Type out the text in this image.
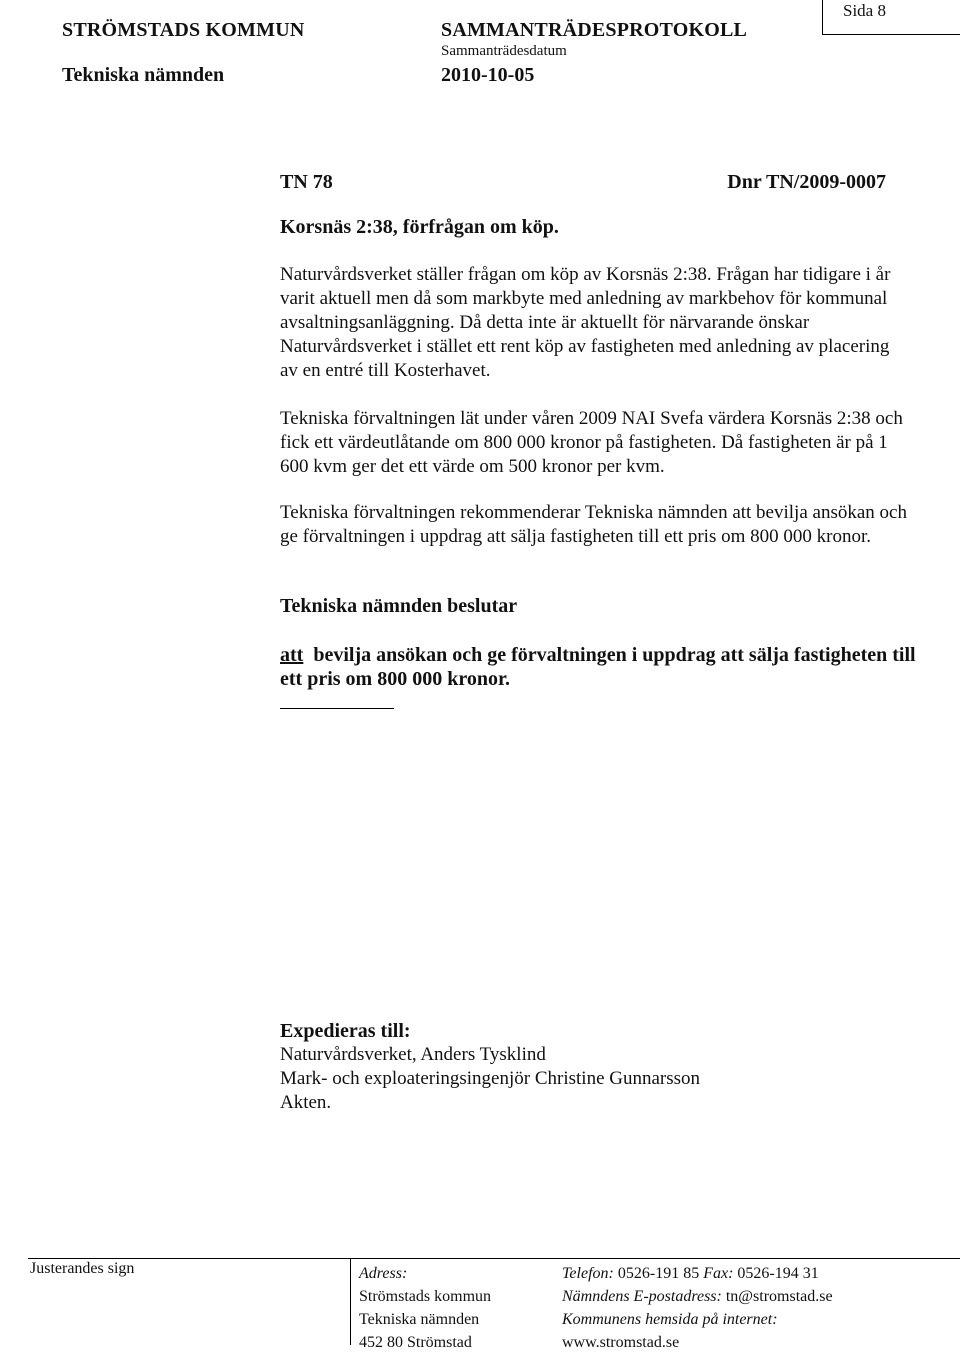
Sida 8
STRÖMSTADS KOMMUN	SAMMANTRÄDESPROTOKOLL
Sammanträdesdatum
Tekniska nämnden	2010-10-05
TN 78	Dnr TN/2009-0007
Korsnäs 2:38, förfrågan om köp.
Naturvårdsverket ställer frågan om köp av Korsnäs 2:38. Frågan har tidigare i år varit aktuell men då som markbyte med anledning av markbehov för kommunal avsaltningsanläggning. Då detta inte är aktuellt för närvarande önskar Naturvårdsverket i stället ett rent köp av fastigheten med anledning av placering av en entré till Kosterhavet.
Tekniska förvaltningen lät under våren 2009 NAI Svefa värdera Korsnäs 2:38 och fick ett värdeutlåtande om 800 000 kronor på fastigheten. Då fastigheten är på 1 600 kvm ger det ett värde om 500 kronor per kvm.
Tekniska förvaltningen rekommenderar Tekniska nämnden att bevilja ansökan och ge förvaltningen i uppdrag att sälja fastigheten till ett pris om 800 000 kronor.
Tekniska nämnden beslutar
att bevilja ansökan och ge förvaltningen i uppdrag att sälja fastigheten till ett pris om 800 000 kronor.
Expedieras till:
Naturvårdsverket, Anders Tysklind
Mark- och exploateringsingenjör Christine Gunnarsson
Akten.
Justerandes sign	Adress:
Strömstads kommun
Tekniska nämnden
452 80 Strömstad
Telefon: 0526-191 85 Fax: 0526-194 31
Nämndens E-postadress: tn@stromstad.se
Kommunens hemsida på internet:
www.stromstad.se
